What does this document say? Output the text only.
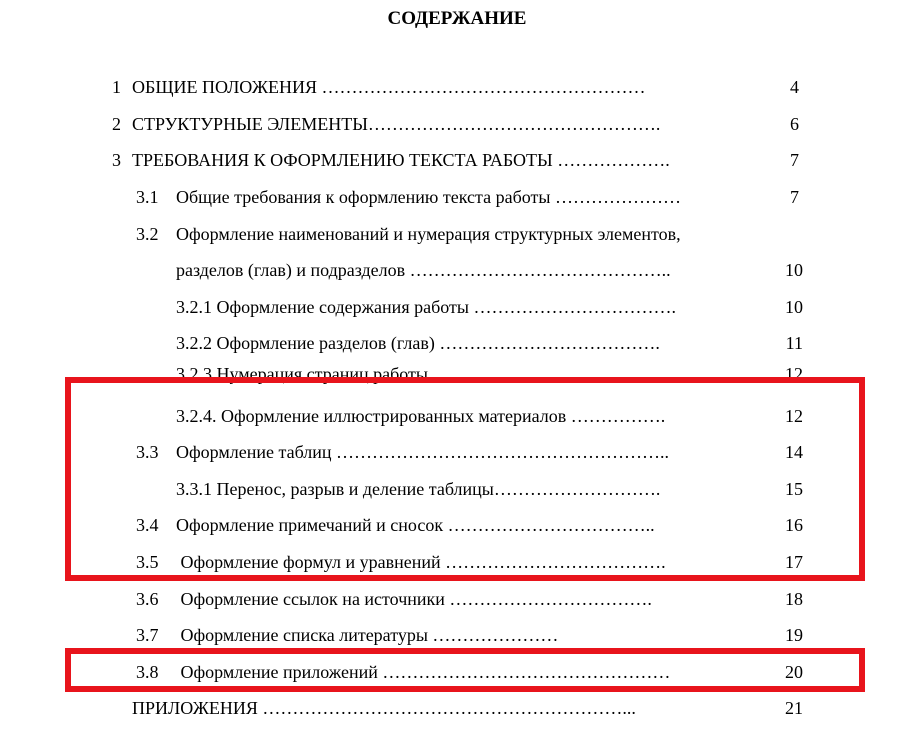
СОДЕРЖАНИЕ
1 ОБЩИЕ ПОЛОЖЕНИЯ ………………………………………………	4
2 СТРУКТУРНЫЕ ЭЛЕМЕНТЫ………………………………………….	6
3 ТРЕБОВАНИЯ К ОФОРМЛЕНИЮ ТЕКСТА РАБОТЫ ……………….	7
3.1 Общие требования к оформлению текста работы …………………	7
3.2 Оформление наименований и нумерация структурных элементов,
разделов (глав) и подразделов ……………………………………..	10
3.2.1 Оформление содержания работы …………………………….	10
3.2.2 Оформление разделов (глав) ……………………………….	11
3.2.3 Нумерация страниц работы	12
3.2.4. Оформление иллюстрированных материалов …………….	12
3.3 Оформление таблиц ………………………………………………..	14
3.3.1 Перенос, разрыв и деление таблицы……………………….	15
3.4 Оформление примечаний и сносок ……………………………..	16
3.5 Оформление формул и уравнений ……………………………….	17
3.6 Оформление ссылок на источники …………………………….	18
3.7 Оформление списка литературы …………………	19
3.8 Оформление приложений …………………………………………	20
ПРИЛОЖЕНИЯ ……………………………………………………...	21
